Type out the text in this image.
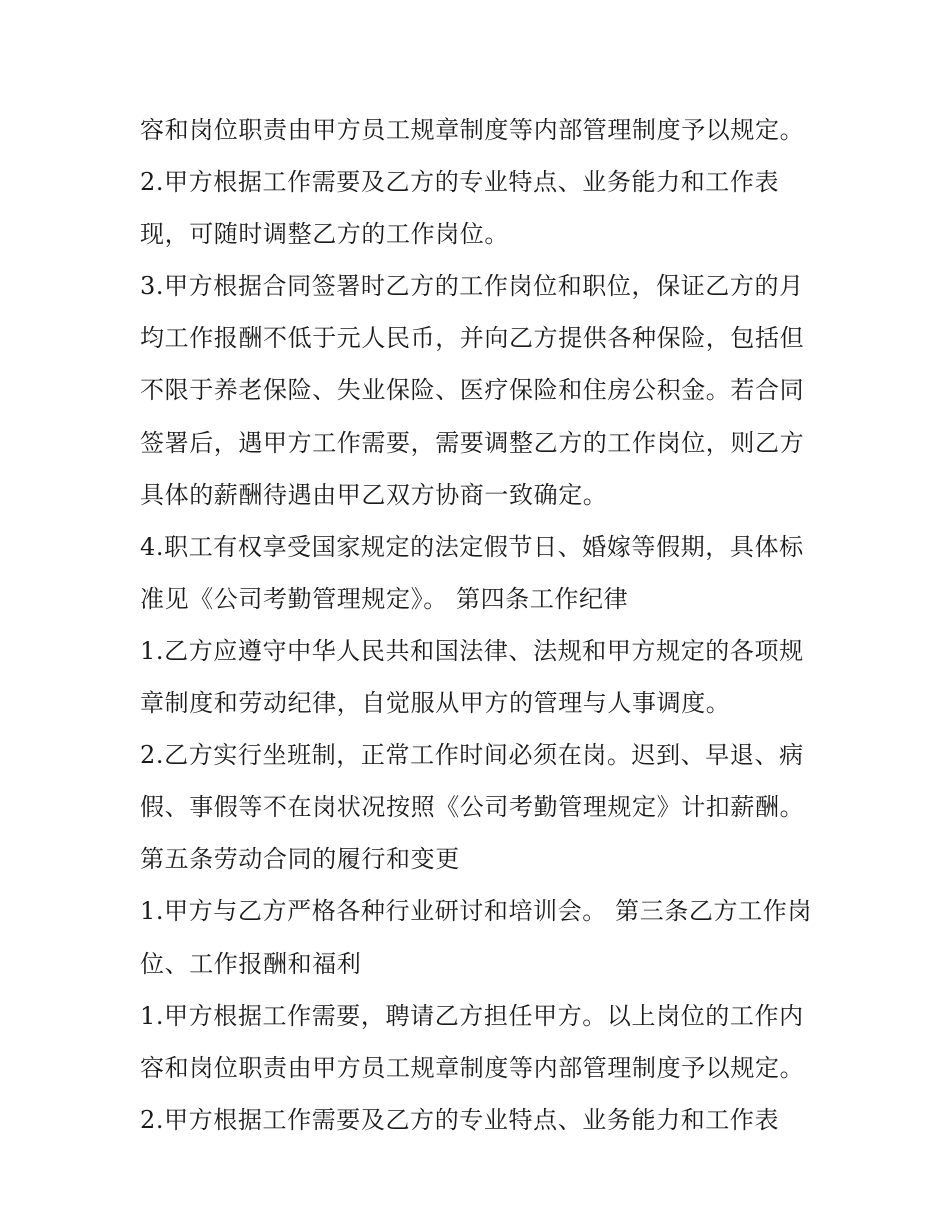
容和岗位职责由甲方员工规章制度等内部管理制度予以规定。
2.甲方根据工作需要及乙方的专业特点、业务能力和工作表
现，可随时调整乙方的工作岗位。
3.甲方根据合同签署时乙方的工作岗位和职位，保证乙方的月
均工作报酬不低于元人民币，并向乙方提供各种保险，包括但
不限于养老保险、失业保险、医疗保险和住房公积金。若合同
签署后，遇甲方工作需要，需要调整乙方的工作岗位，则乙方
具体的薪酬待遇由甲乙双方协商一致确定。
4.职工有权享受国家规定的法定假节日、婚嫁等假期，具体标
准见《公司考勤管理规定》。 第四条工作纪律
1.乙方应遵守中华人民共和国法律、法规和甲方规定的各项规
章制度和劳动纪律，自觉服从甲方的管理与人事调度。
2.乙方实行坐班制，正常工作时间必须在岗。迟到、早退、病
假、事假等不在岗状况按照《公司考勤管理规定》计扣薪酬。
第五条劳动合同的履行和变更
1.甲方与乙方严格各种行业研讨和培训会。 第三条乙方工作岗
位、工作报酬和福利
1.甲方根据工作需要，聘请乙方担任甲方。以上岗位的工作内
容和岗位职责由甲方员工规章制度等内部管理制度予以规定。
2.甲方根据工作需要及乙方的专业特点、业务能力和工作表
